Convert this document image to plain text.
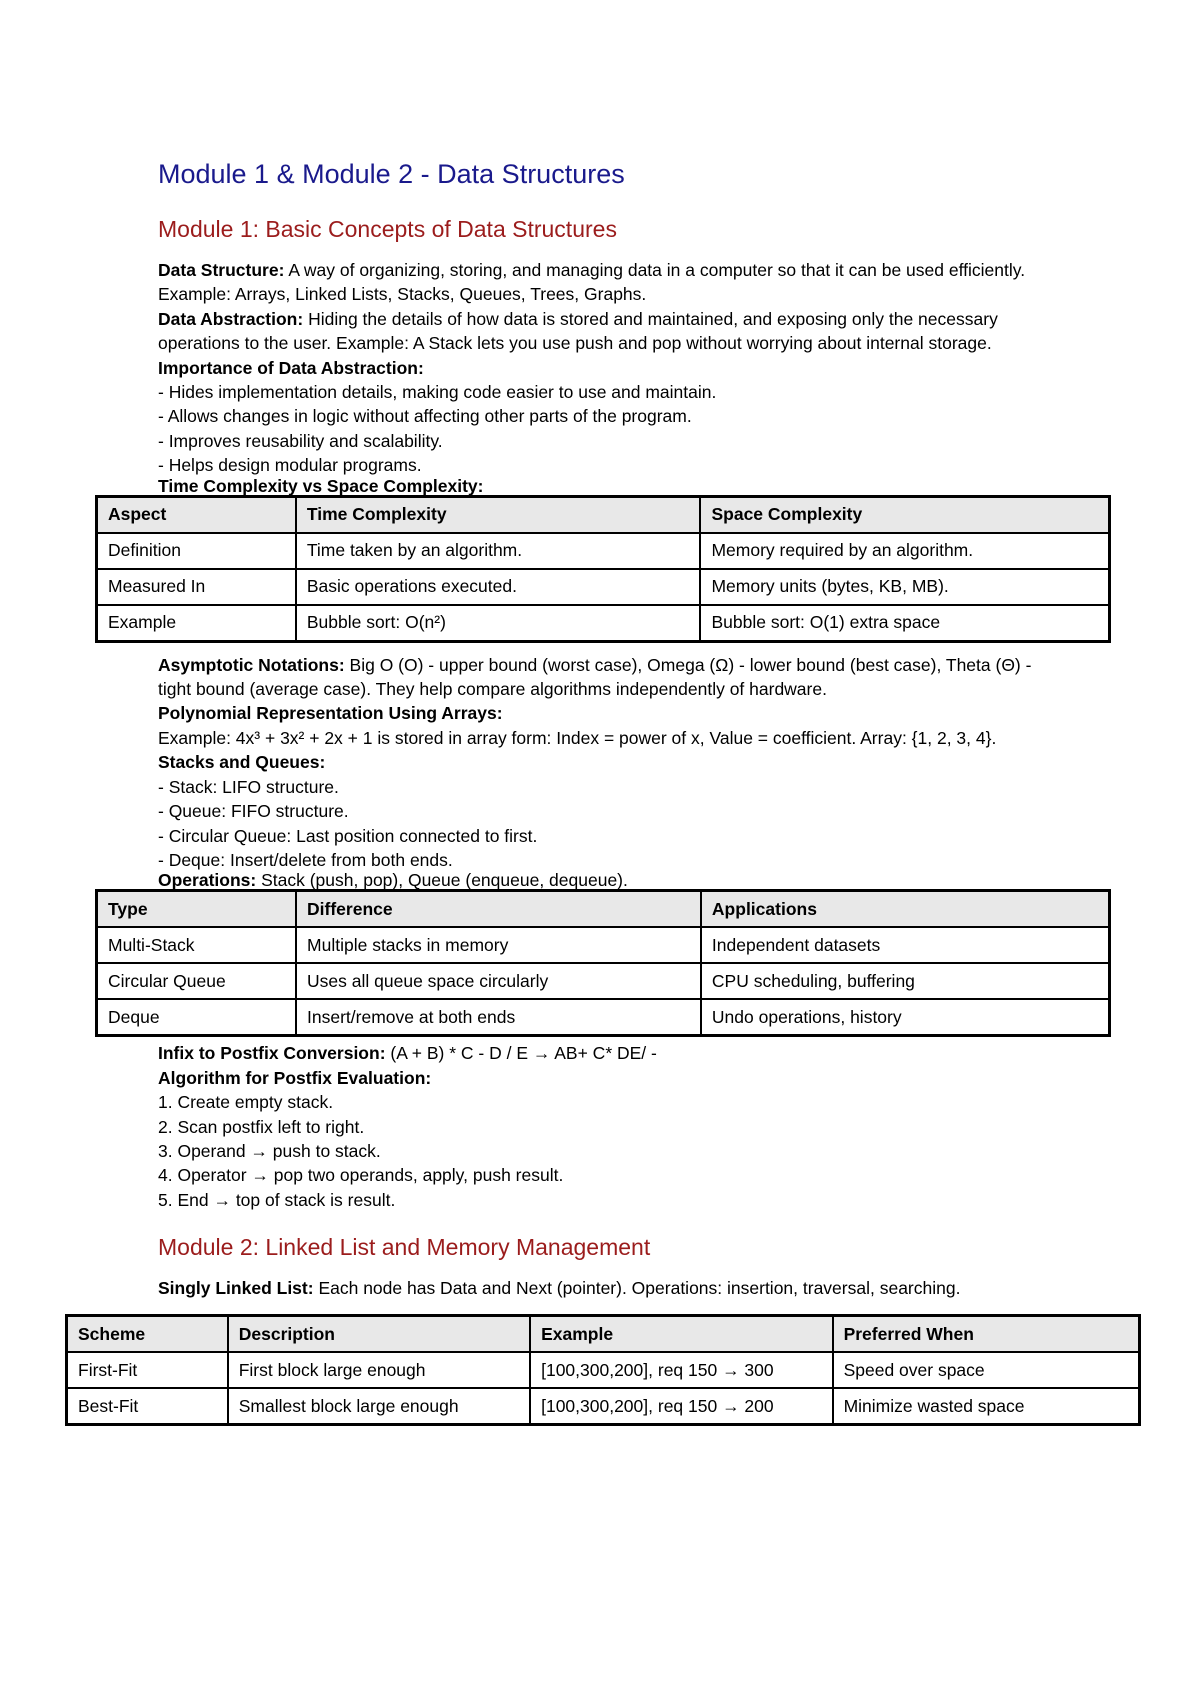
Module 1 & Module 2 - Data Structures
Module 1: Basic Concepts of Data Structures

Data Structure: A way of organizing, storing, and managing data in a computer so that it can be used efficiently. Example: Arrays, Linked Lists, Stacks, Queues, Trees, Graphs.

Data Abstraction: Hiding the details of how data is stored and maintained, and exposing only the necessary operations to the user. Example: A Stack lets you use push and pop without worrying about internal storage.

Importance of Data Abstraction:

- Hides implementation details, making code easier to use and maintain.
- Allows changes in logic without affecting other parts of the program.
- Improves reusability and scalability.
- Helps design modular programs.

Time Complexity vs Space Complexity:

Aspect	Time Complexity	Space Complexity
Definition	Time taken by an algorithm.	Memory required by an algorithm.
Measured In	Basic operations executed.	Memory units (bytes, KB, MB).
Example	Bubble sort: O(n²)	Bubble sort: O(1) extra space

Asymptotic Notations: Big O (O) - upper bound (worst case), Omega (Ω) - lower bound (best case), Theta (Θ) - tight bound (average case). They help compare algorithms independently of hardware.

Polynomial Representation Using Arrays:

Example: 4x³ + 3x² + 2x + 1 is stored in array form: Index = power of x, Value = coefficient. Array: {1, 2, 3, 4}.

Stacks and Queues:

- Stack: LIFO structure.
- Queue: FIFO structure.
- Circular Queue: Last position connected to first.
- Deque: Insert/delete from both ends.

Operations: Stack (push, pop), Queue (enqueue, dequeue).

Type	Difference	Applications
Multi-Stack	Multiple stacks in memory	Independent datasets
Circular Queue	Uses all queue space circularly	CPU scheduling, buffering
Deque	Insert/remove at both ends	Undo operations, history

Infix to Postfix Conversion: (A + B) * C - D / E → AB+ C* DE/ -

Algorithm for Postfix Evaluation:

1. Create empty stack.
2. Scan postfix left to right.
3. Operand → push to stack.
4. Operator → pop two operands, apply, push result.
5. End → top of stack is result.
Module 2: Linked List and Memory Management

Singly Linked List: Each node has Data and Next (pointer). Operations: insertion, traversal, searching.

Scheme	Description	Example	Preferred When
First-Fit	First block large enough	[100,300,200], req 150 → 300	Speed over space
Best-Fit	Smallest block large enough	[100,300,200], req 150 → 200	Minimize wasted space
